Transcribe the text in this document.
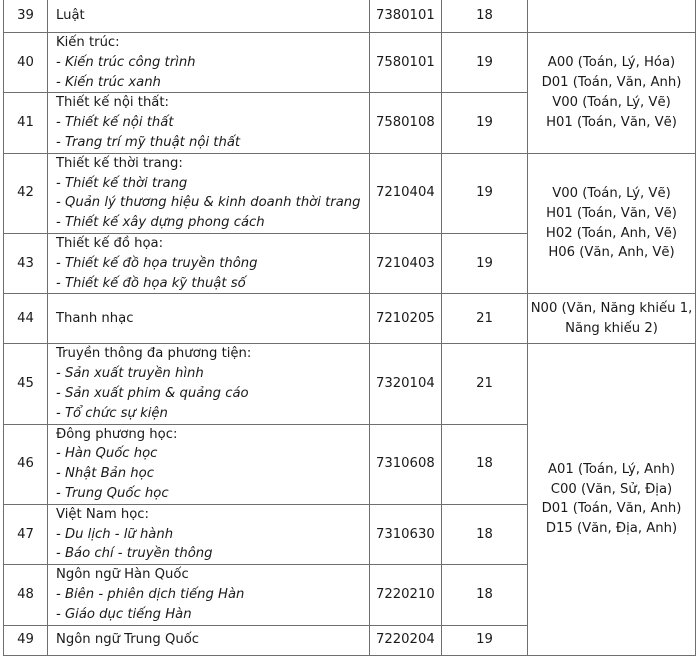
39	Luật	7380101	18	
40	Kiến trúc:
- Kiến trúc công trình
- Kiến trúc xanh	7580101	19	A00 (Toán, Lý, Hóa)
D01 (Toán, Văn, Anh)
V00 (Toán, Lý, Vẽ)
H01 (Toán, Văn, Vẽ)

41	Thiết kế nội thất:
- Thiết kế nội thất
- Trang trí mỹ thuật nội thất	7580108	19	
42	Thiết kế thời trang:
- Thiết kế thời trang
- Quản lý thương hiệu & kinh doanh thời trang
- Thiết kế xây dựng phong cách	7210404	19	V00 (Toán, Lý, Vẽ)
H01 (Toán, Văn, Vẽ)
H02 (Toán, Anh, Vẽ)
H06 (Văn, Anh, Vẽ)

43	Thiết kế đồ họa:
- Thiết kế đồ họa truyền thông
- Thiết kế đồ họa kỹ thuật số	7210403	19	
44	Thanh nhạc	7210205	21	N00 (Văn, Năng khiếu 1,
Năng khiếu 2)

45	Truyền thông đa phương tiện:
- Sản xuất truyền hình
- Sản xuất phim & quảng cáo
- Tổ chức sự kiện	7320104	21	A01 (Toán, Lý, Anh)
C00 (Văn, Sử, Địa)
D01 (Toán, Văn, Anh)
D15 (Văn, Địa, Anh)

46	Đông phương học:
- Hàn Quốc học
- Nhật Bản học
- Trung Quốc học	7310608	18	
47	Việt Nam học:
- Du lịch - lữ hành
- Báo chí - truyền thông	7310630	18	
48	Ngôn ngữ Hàn Quốc
- Biên - phiên dịch tiếng Hàn
- Giáo dục tiếng Hàn	7220210	18	
49	Ngôn ngữ Trung Quốc	7220204	19	
